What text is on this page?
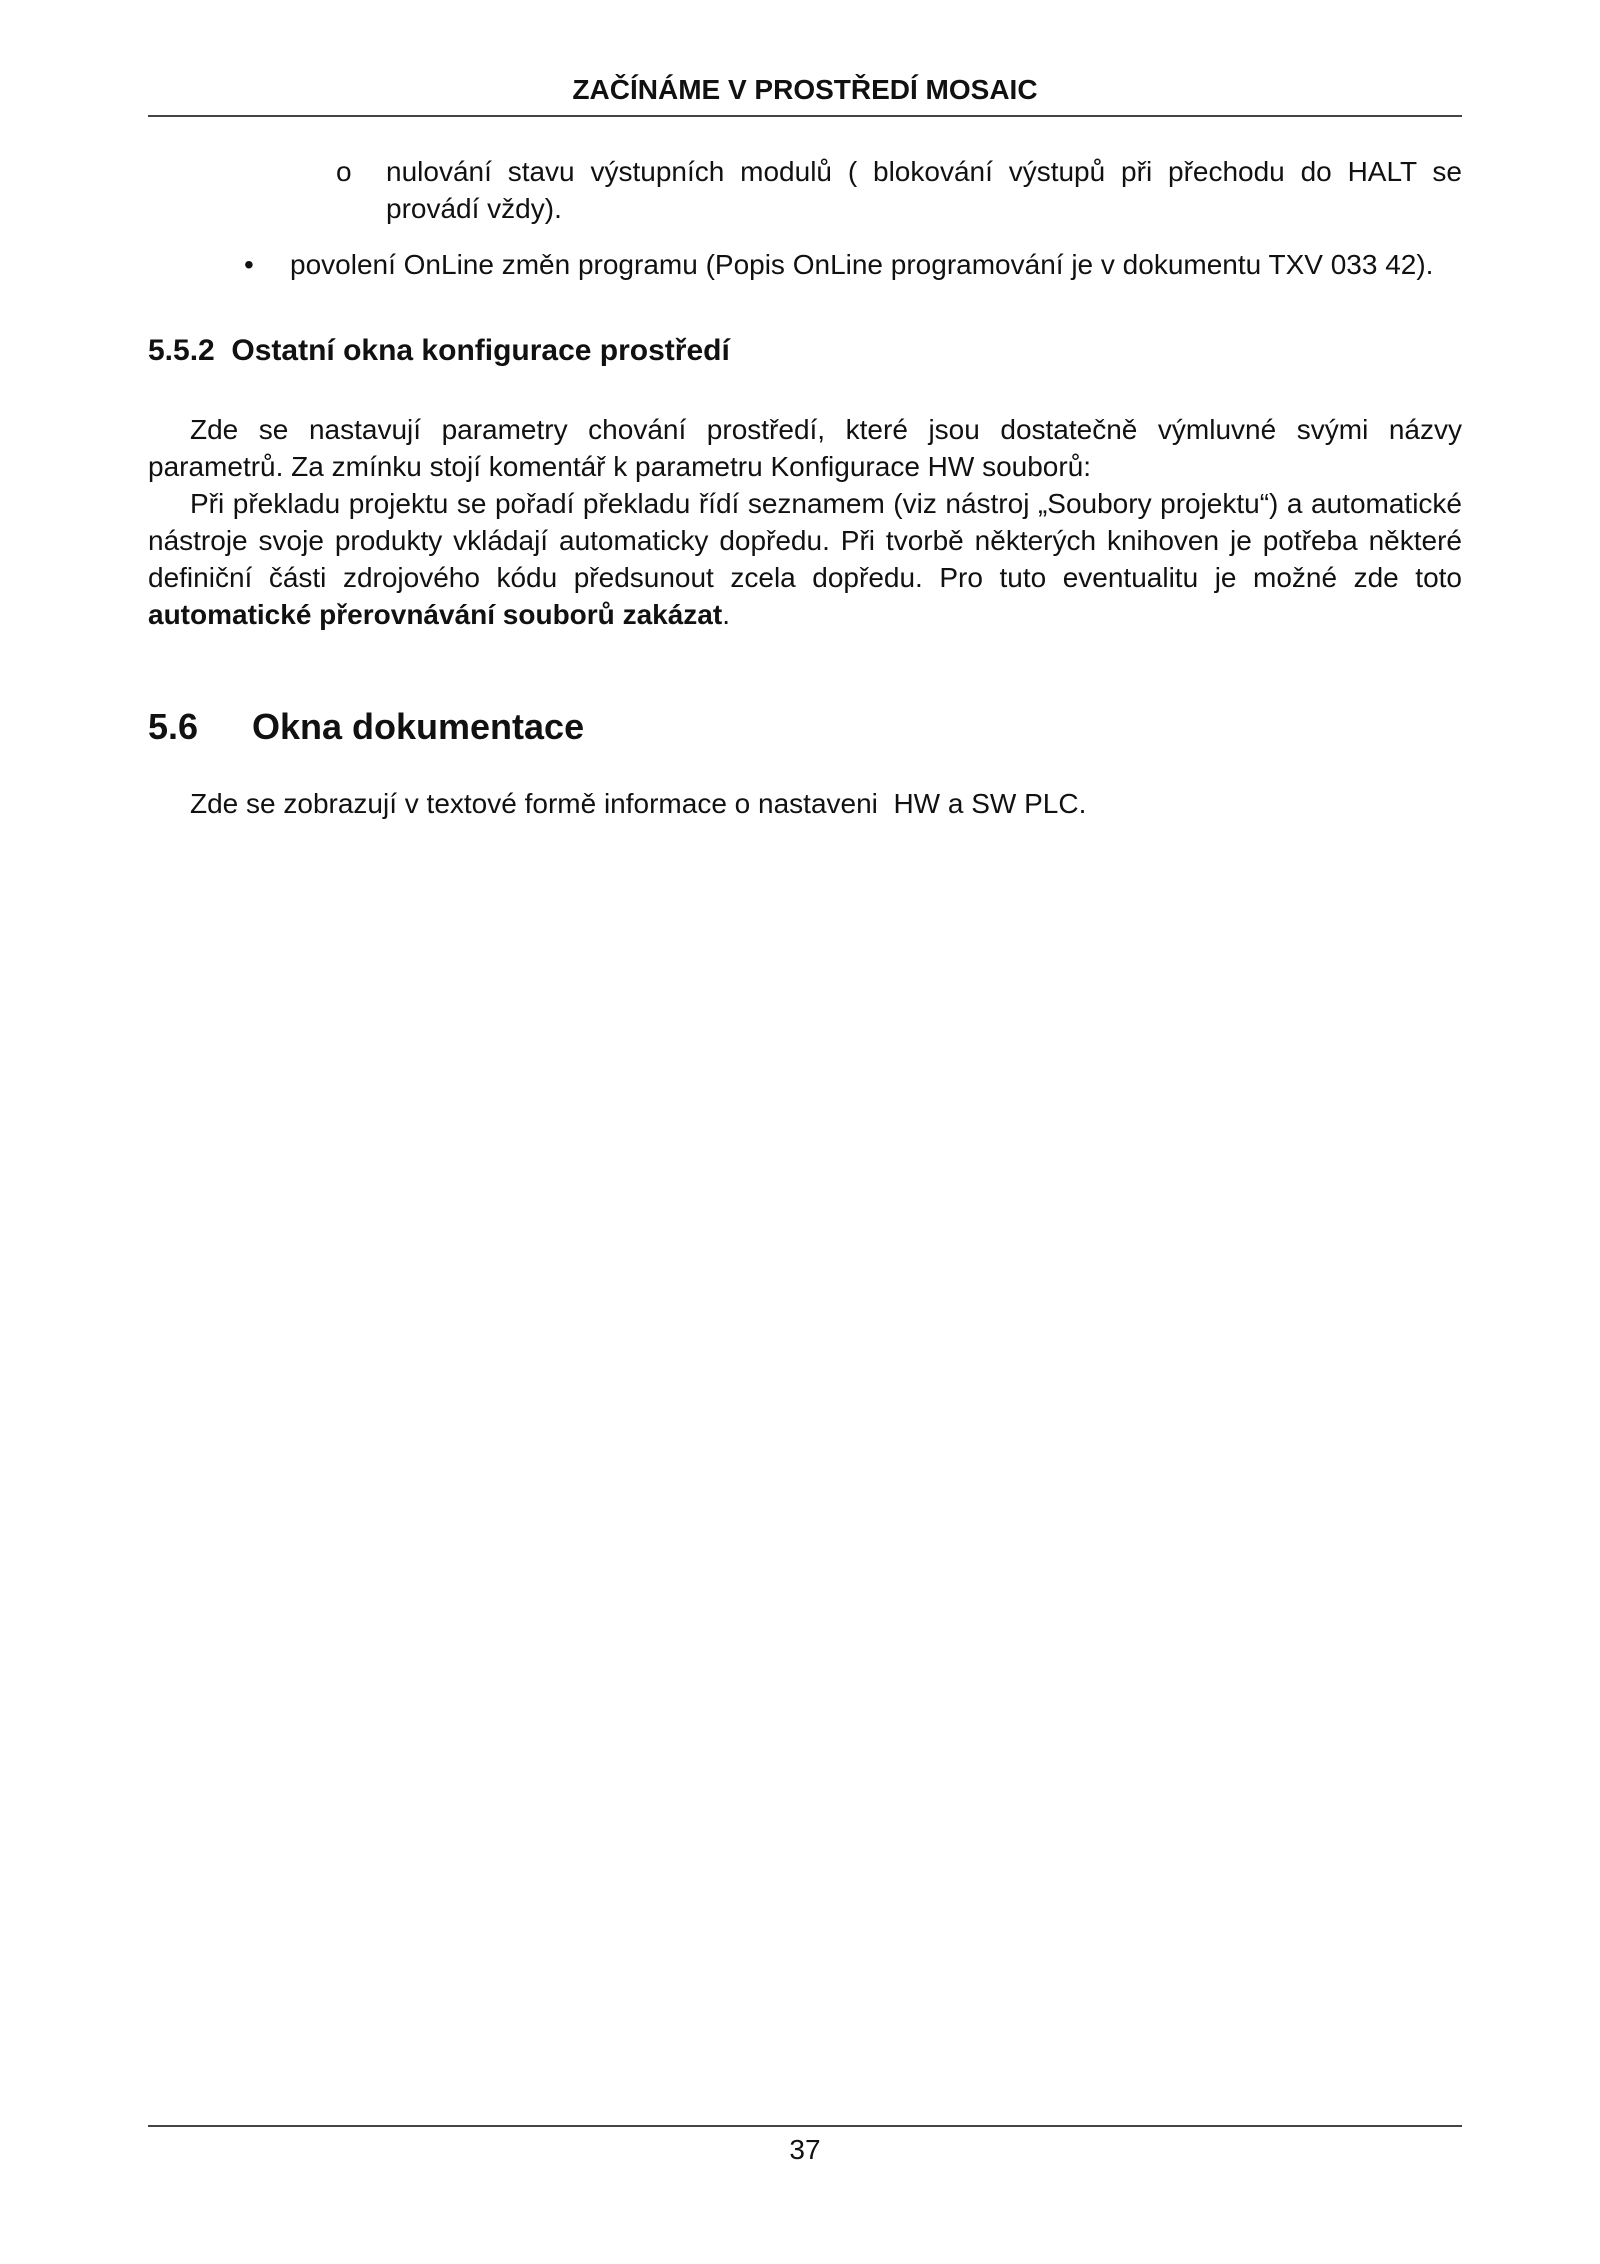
ZAČÍNÁME V PROSTŘEDÍ MOSAIC
o nulování stavu výstupních modulů ( blokování výstupů při přechodu do HALT se provádí vždy).
• povolení OnLine změn programu (Popis OnLine programování je v dokumentu TXV 033 42).
5.5.2  Ostatní okna konfigurace prostředí
Zde se nastavují parametry chování prostředí, které jsou dostatečně výmluvné svými názvy parametrů. Za zmínku stojí komentář k parametru Konfigurace HW souborů:
Při překladu projektu se pořadí překladu řídí seznamem (viz nástroj „Soubory projektu“) a automatické nástroje svoje produkty vkládají automaticky dopředu. Při tvorbě některých knihoven je potřeba některé definiční části zdrojového kódu předsunout zcela dopředu. Pro tuto eventualitu je možné zde toto automatické přerovnávání souborů zakázat.
5.6 Okna dokumentace
Zde se zobrazují v textové formě informace o nastaveni  HW a SW PLC.
37
